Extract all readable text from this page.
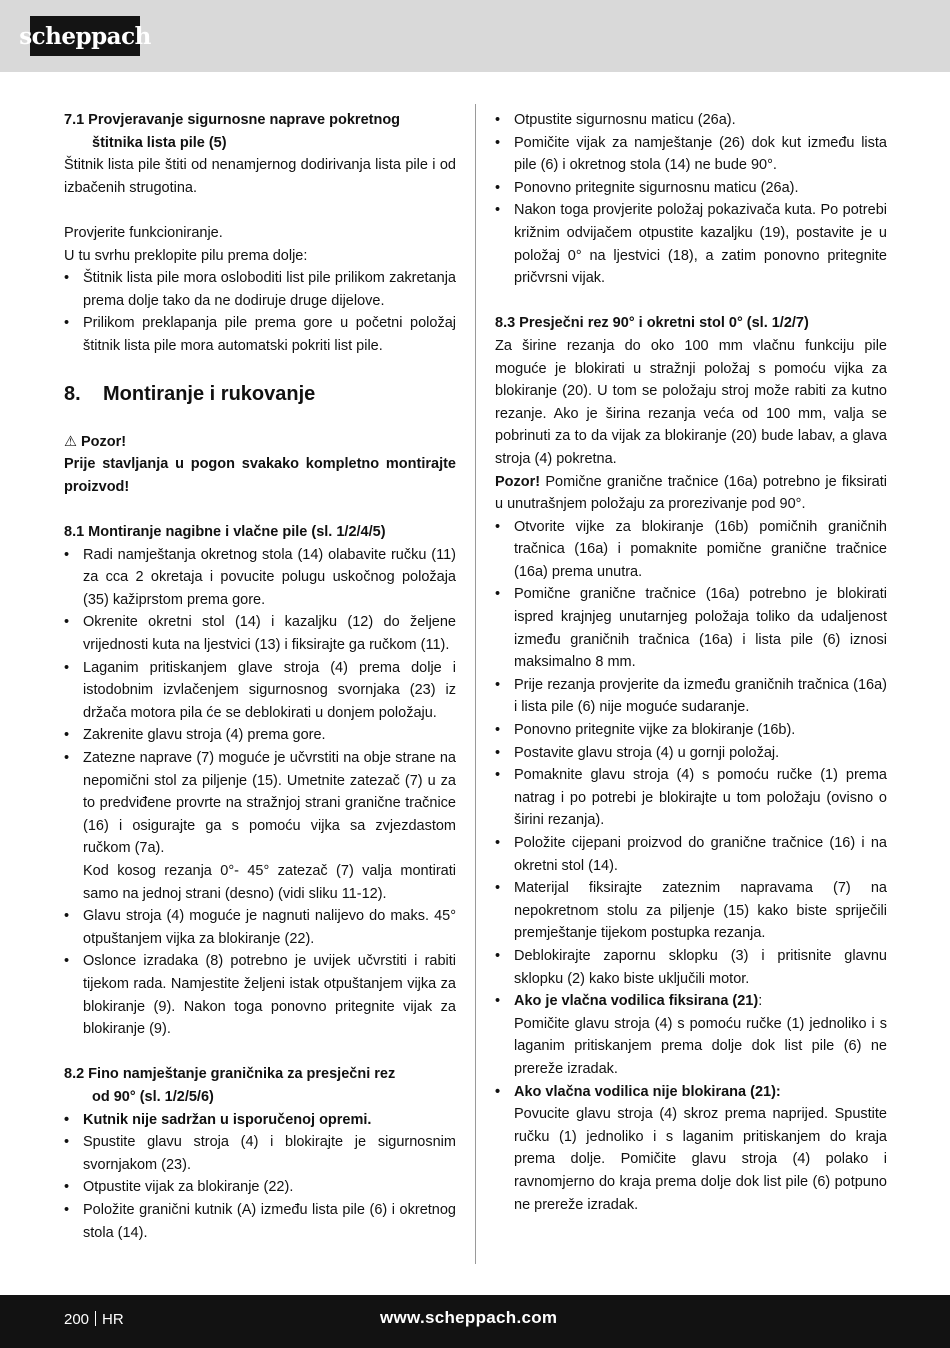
scheppach

7.1 Provjeravanje sigurnosne naprave pokretnog

štitnika lista pile (5)

Štitnik lista pile štiti od nenamjernog dodirivanja lista pile i od izbačenih strugotina.

Provjerite funkcioniranje.

U tu svrhu preklopite pilu prema dolje:

• Štitnik lista pile mora osloboditi list pile prilikom zakretanja prema dolje tako da ne dodiruje druge dijelove.
• Prilikom preklapanja pile prema gore u početni položaj štitnik lista pile mora automatski pokriti list pile.

8. Montiranje i rukovanje

⚠ Pozor!

Prije stavljanja u pogon svakako kompletno montirajte proizvod!

8.1 Montiranje nagibne i vlačne pile (sl. 1/2/4/5)

• Radi namještanja okretnog stola (14) olabavite ručku (11) za cca 2 okretaja i povucite polugu uskočnog položaja (35) kažiprstom prema gore.
• Okrenite okretni stol (14) i kazaljku (12) do željene vrijednosti kuta na ljestvici (13) i fiksirajte ga ručkom (11).
• Laganim pritiskanjem glave stroja (4) prema dolje i istodobnim izvlačenjem sigurnosnog svornjaka (23) iz držača motora pila će se deblokirati u donjem položaju.
• Zakrenite glavu stroja (4) prema gore.
• Zatezne naprave (7) moguće je učvrstiti na obje strane na nepomični stol za piljenje (15). Umetnite zatezač (7) u za to predviđene provrte na stražnjoj strani granične tračnice (16) i osigurajte ga s pomoću vijka sa zvjezdastom ručkom (7a).

Kod kosog rezanja 0°- 45° zatezač (7) valja montirati samo na jednoj strani (desno) (vidi sliku 11-12).

• Glavu stroja (4) moguće je nagnuti nalijevo do maks. 45° otpuštanjem vijka za blokiranje (22).
• Oslonce izradaka (8) potrebno je uvijek učvrstiti i rabiti tijekom rada. Namjestite željeni istak otpuštanjem vijka za blokiranje (9). Nakon toga ponovno pritegnite vijak za blokiranje (9).

8.2 Fino namještanje graničnika za presječni rez

od 90° (sl. 1/2/5/6)

• Kutnik nije sadržan u isporučenoj opremi.
• Spustite glavu stroja (4) i blokirajte je sigurnosnim svornjakom (23).
• Otpustite vijak za blokiranje (22).
• Položite granični kutnik (A) između lista pile (6) i okretnog stola (14).
• Otpustite sigurnosnu maticu (26a).
• Pomičite vijak za namještanje (26) dok kut između lista pile (6) i okretnog stola (14) ne bude 90°.
• Ponovno pritegnite sigurnosnu maticu (26a).
• Nakon toga provjerite položaj pokazivača kuta. Po potrebi križnim odvijačem otpustite kazaljku (19), postavite je u položaj 0° na ljestvici (18), a zatim ponovno pritegnite pričvrsni vijak.

8.3 Presječni rez 90° i okretni stol 0° (sl. 1/2/7)

Za širine rezanja do oko 100 mm vlačnu funkciju pile moguće je blokirati u stražnji položaj s pomoću vijka za blokiranje (20). U tom se položaju stroj može rabiti za kutno rezanje. Ako je širina rezanja veća od 100 mm, valja se pobrinuti za to da vijak za blokiranje (20) bude labav, a glava stroja (4) pokretna.

Pozor! Pomične granične tračnice (16a) potrebno je fiksirati u unutrašnjem položaju za prorezivanje pod 90°.

• Otvorite vijke za blokiranje (16b) pomičnih graničnih tračnica (16a) i pomaknite pomične granične tračnice (16a) prema unutra.
• Pomične granične tračnice (16a) potrebno je blokirati ispred krajnjeg unutarnjeg položaja toliko da udaljenost između graničnih tračnica (16a) i lista pile (6) iznosi maksimalno 8 mm.
• Prije rezanja provjerite da između graničnih tračnica (16a) i lista pile (6) nije moguće sudaranje.
• Ponovno pritegnite vijke za blokiranje (16b).
• Postavite glavu stroja (4) u gornji položaj.
• Pomaknite glavu stroja (4) s pomoću ručke (1) prema natrag i po potrebi je blokirajte u tom položaju (ovisno o širini rezanja).
• Položite cijepani proizvod do granične tračnice (16) i na okretni stol (14).
• Materijal fiksirajte zateznim napravama (7) na nepokretnom stolu za piljenje (15) kako biste spriječili premještanje tijekom postupka rezanja.
• Deblokirajte zapornu sklopku (3) i pritisnite glavnu sklopku (2) kako biste uključili motor.
• Ako je vlačna vodilica fiksirana (21):

Pomičite glavu stroja (4) s pomoću ručke (1) jednoliko i s laganim pritiskanjem prema dolje dok list pile (6) ne prereže izradak.

• Ako vlačna vodilica nije blokirana (21):

Povucite glavu stroja (4) skroz prema naprijed. Spustite ručku (1) jednoliko i s laganim pritiskanjem do kraja prema dolje. Pomičite glavu stroja (4) polako i ravnomjerno do kraja prema dolje dok list pile (6) potpuno ne prereže izradak.

200 HR	www.scheppach.com
